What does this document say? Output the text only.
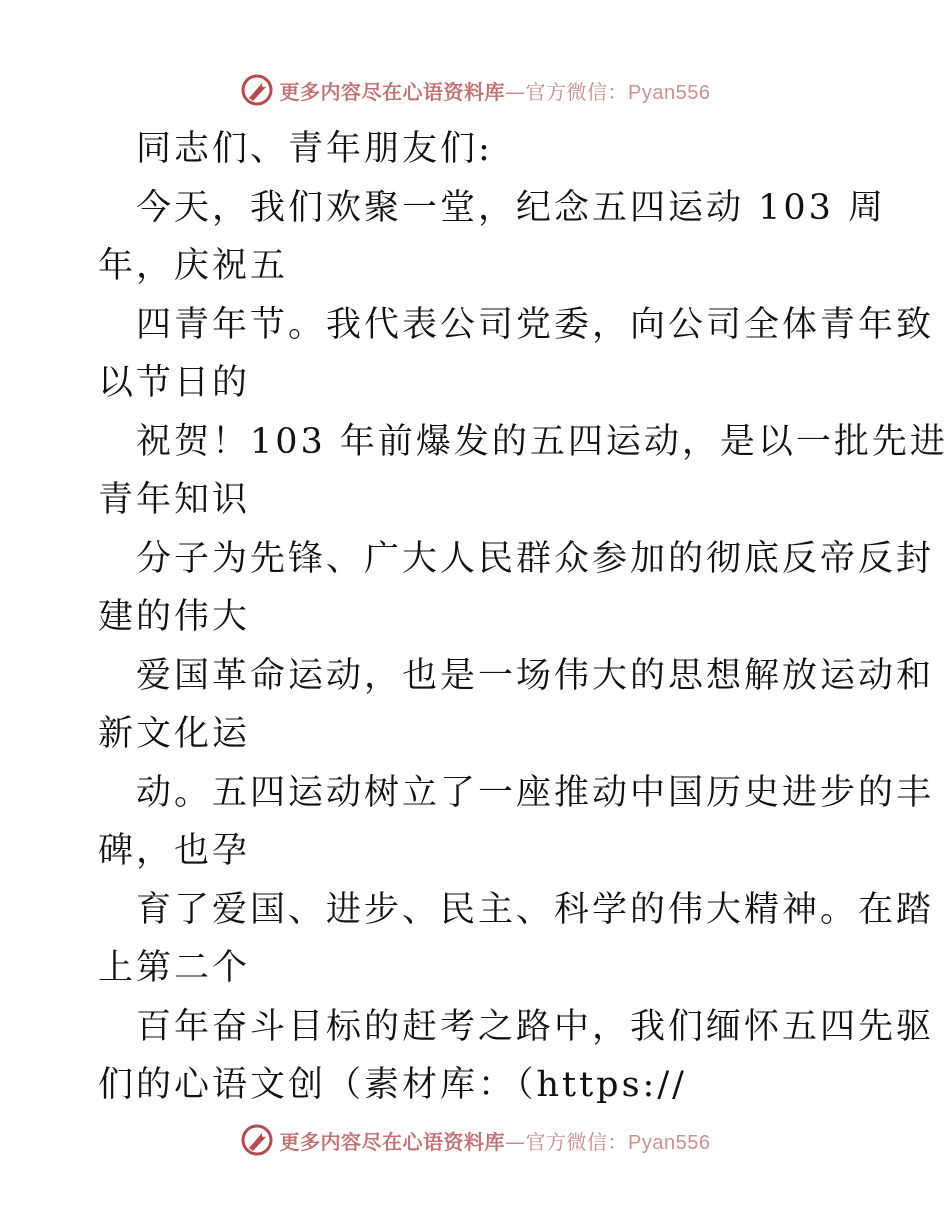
更多内容尽在心语资料库—官方微信：Pyan556
同志们、青年朋友们:
今天，我们欢聚一堂，纪念五四运动 103 周
年，庆祝五
四青年节。我代表公司党委，向公司全体青年致
以节日的
祝贺！103 年前爆发的五四运动，是以一批先进
青年知识
分子为先锋、广大人民群众参加的彻底反帝反封
建的伟大
爱国革命运动，也是一场伟大的思想解放运动和
新文化运
动。五四运动树立了一座推动中国历史进步的丰
碑，也孕
育了爱国、进步、民主、科学的伟大精神。在踏
上第二个
百年奋斗目标的赶考之路中，我们缅怀五四先驱
们的心语文创（素材库：（https://
更多内容尽在心语资料库—官方微信：Pyan556
